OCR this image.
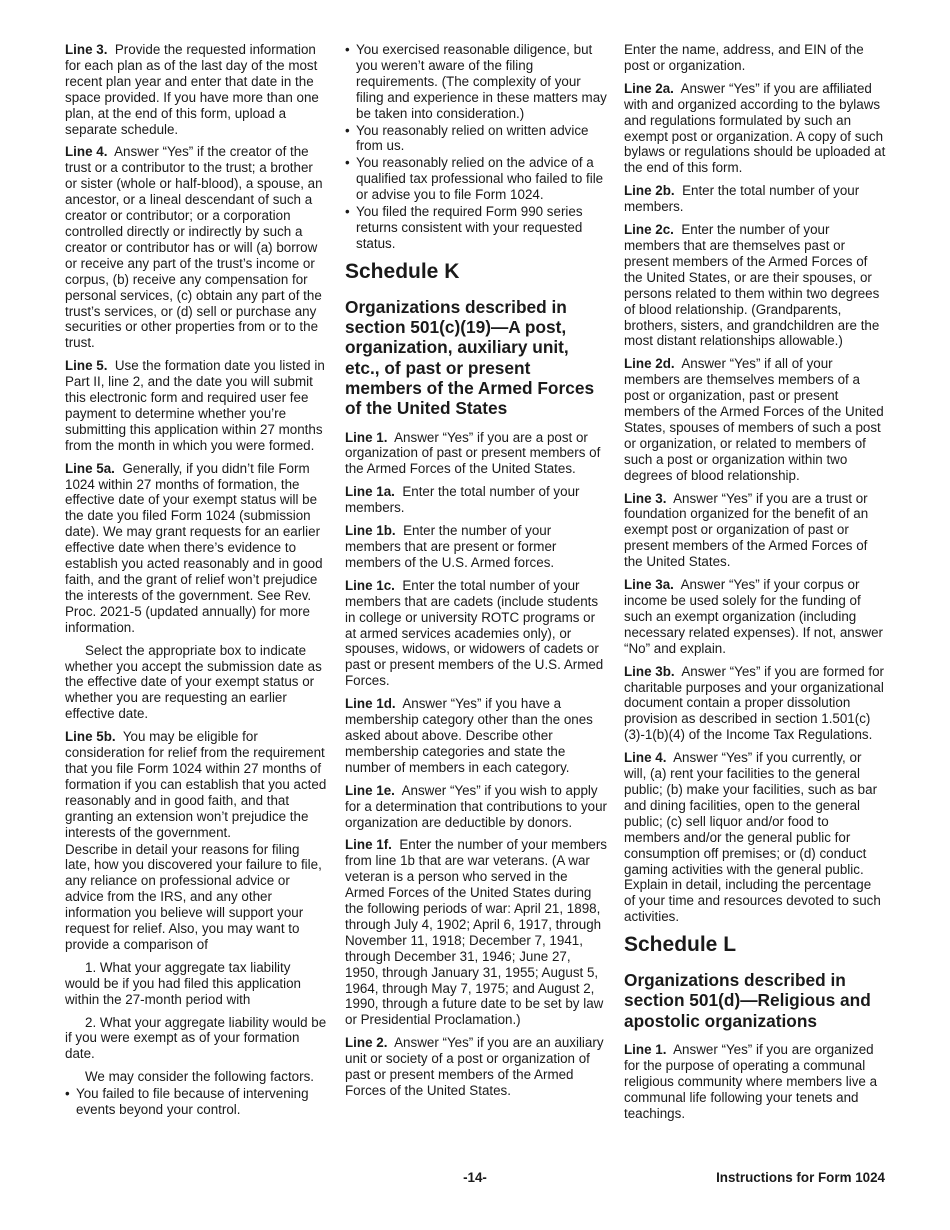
Line 3. Provide the requested information for each plan as of the last day of the most recent plan year and enter that date in the space provided. If you have more than one plan, at the end of this form, upload a separate schedule.

Line 4. Answer “Yes” if the creator of the trust or a contributor to the trust; a brother or sister (whole or half-blood), a spouse, an ancestor, or a lineal descendant of such a creator or contributor; or a corporation controlled directly or indirectly by such a creator or contributor has or will (a) borrow or receive any part of the trust’s income or corpus, (b) receive any compensation for personal services, (c) obtain any part of the trust’s services, or (d) sell or purchase any securities or other properties from or to the trust.

Line 5. Use the formation date you listed in Part II, line 2, and the date you will submit this electronic form and required user fee payment to determine whether you’re submitting this application within 27 months from the month in which you were formed.

Line 5a. Generally, if you didn’t file Form 1024 within 27 months of formation, the effective date of your exempt status will be the date you filed Form 1024 (submission date). We may grant requests for an earlier effective date when there’s evidence to establish you acted reasonably and in good faith, and the grant of relief won’t prejudice the interests of the government. See Rev. Proc. 2021-5 (updated annually) for more information.

Select the appropriate box to indicate whether you accept the submission date as the effective date of your exempt status or whether you are requesting an earlier effective date.

Line 5b. You may be eligible for consideration for relief from the requirement that you file Form 1024 within 27 months of formation if you can establish that you acted reasonably and in good faith, and that granting an extension won’t prejudice the interests of the government.

Describe in detail your reasons for filing late, how you discovered your failure to file, any reliance on professional advice or advice from the IRS, and any other information you believe will support your request for relief. Also, you may want to provide a comparison of

1. What your aggregate tax liability would be if you had filed this application within the 27-month period with

2. What your aggregate liability would be if you were exempt as of your formation date.

We may consider the following factors.

• You failed to file because of intervening events beyond your control.
• You exercised reasonable diligence, but you weren’t aware of the filing requirements. (The complexity of your filing and experience in these matters may be taken into consideration.)
• You reasonably relied on written advice from us.
• You reasonably relied on the advice of a qualified tax professional who failed to file or advise you to file Form 1024.
• You filed the required Form 990 series returns consistent with your requested status.
Schedule K
Organizations described in section 501(c)(19)—A post, organization, auxiliary unit, etc., of past or present members of the Armed Forces of the United States

Line 1. Answer “Yes” if you are a post or organization of past or present members of the Armed Forces of the United States.

Line 1a. Enter the total number of your members.

Line 1b. Enter the number of your members that are present or former members of the U.S. Armed forces.

Line 1c. Enter the total number of your members that are cadets (include students in college or university ROTC programs or at armed services academies only), or spouses, widows, or widowers of cadets or past or present members of the U.S. Armed Forces.

Line 1d. Answer “Yes” if you have a membership category other than the ones asked about above. Describe other membership categories and state the number of members in each category.

Line 1e. Answer “Yes” if you wish to apply for a determination that contributions to your organization are deductible by donors.

Line 1f. Enter the number of your members from line 1b that are war veterans. (A war veteran is a person who served in the Armed Forces of the United States during the following periods of war: April 21, 1898, through July 4, 1902; April 6, 1917, through November 11, 1918; December 7, 1941, through December 31, 1946; June 27, 1950, through January 31, 1955; August 5, 1964, through May 7, 1975; and August 2, 1990, through a future date to be set by law or Presidential Proclamation.)

Line 2. Answer “Yes” if you are an auxiliary unit or society of a post or organization of past or present members of the Armed Forces of the United States.

Enter the name, address, and EIN of the post or organization.

Line 2a. Answer “Yes” if you are affiliated with and organized according to the bylaws and regulations formulated by such an exempt post or organization. A copy of such bylaws or regulations should be uploaded at the end of this form.

Line 2b. Enter the total number of your members.

Line 2c. Enter the number of your members that are themselves past or present members of the Armed Forces of the United States, or are their spouses, or persons related to them within two degrees of blood relationship. (Grandparents, brothers, sisters, and grandchildren are the most distant relationships allowable.)

Line 2d. Answer “Yes” if all of your members are themselves members of a post or organization, past or present members of the Armed Forces of the United States, spouses of members of such a post or organization, or related to members of such a post or organization within two degrees of blood relationship.

Line 3. Answer “Yes” if you are a trust or foundation organized for the benefit of an exempt post or organization of past or present members of the Armed Forces of the United States.

Line 3a. Answer “Yes” if your corpus or income be used solely for the funding of such an exempt organization (including necessary related expenses). If not, answer “No” and explain.

Line 3b. Answer “Yes” if you are formed for charitable purposes and your organizational document contain a proper dissolution provision as described in section 1.501(c)(3)-1(b)(4) of the Income Tax Regulations.

Line 4. Answer “Yes” if you currently, or will, (a) rent your facilities to the general public; (b) make your facilities, such as bar and dining facilities, open to the general public; (c) sell liquor and/or food to members and/or the general public for consumption off premises; or (d) conduct gaming activities with the general public. Explain in detail, including the percentage of your time and resources devoted to such activities.

Schedule L
Organizations described in section 501(d)—Religious and apostolic organizations

Line 1. Answer “Yes” if you are organized for the purpose of operating a communal religious community where members live a communal life following your tenets and teachings.

-14-	Instructions for Form 1024
